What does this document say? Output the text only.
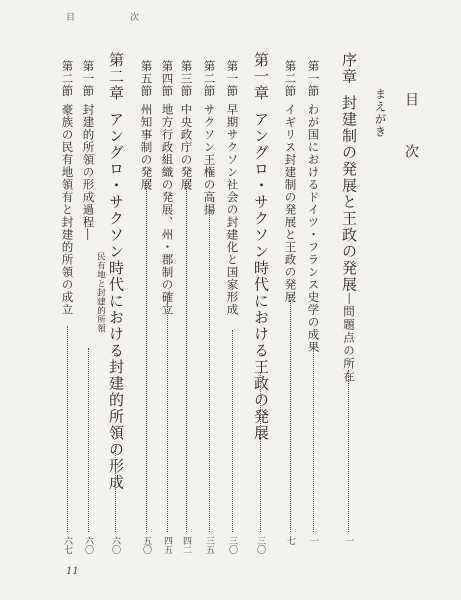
目　次
目　次
まえがき
序章封建制の発展と王政の発展―問題点の所在
一
第一節わが国におけるドイツ・フランス史学の成果
一
第二節イギリス封建制の発展と王政の発展
七
第一章アングロ・サクソン時代における王政の発展
三〇
第一節早期サクソン社会の封建化と国家形成
三〇
第二節サクソン王権の高揚
三五
第三節中央政庁の発展
四二
第四節地方行政組織の発展、州・郡制の確立
四五
第五節州知事制の発展
五〇
第二章アングロ・サクソン時代における封建的所領の形成
六〇
第一節封建的所領の形成過程―
民有地と封建的所領
六〇
第二節豪族の民有地領有と封建的所領の成立
六七
11
